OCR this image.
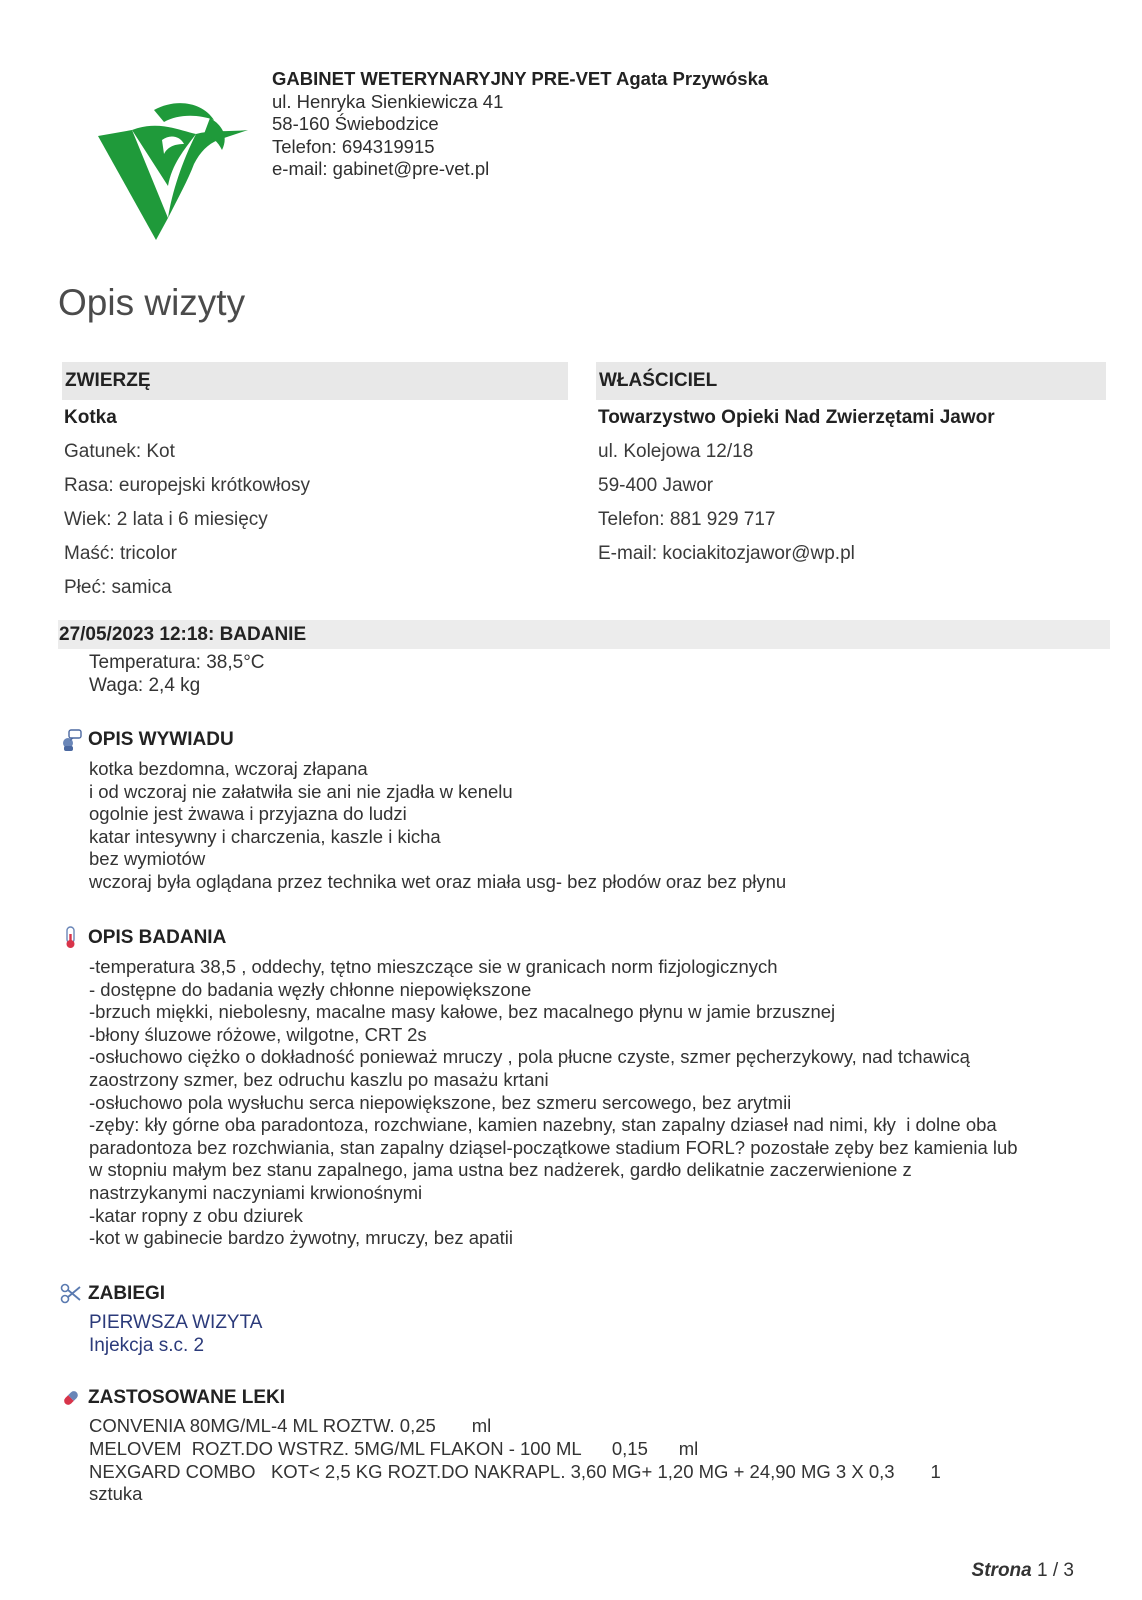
GABINET WETERYNARYJNY PRE-VET Agata Przywóska
ul. Henryka Sienkiewicza 41
58-160 Świebodzice
Telefon: 694319915
e-mail: gabinet@pre-vet.pl
Opis wizyty
ZWIERZĘ
Kotka
Gatunek: Kot
Rasa: europejski krótkowłosy
Wiek: 2 lata i 6 miesięcy
Maść: tricolor
Płeć: samica
WŁAŚCICIEL
Towarzystwo Opieki Nad Zwierzętami Jawor
ul. Kolejowa 12/18
59-400 Jawor
Telefon: 881 929 717
E-mail: kociakitozjawor@wp.pl
27/05/2023 12:18: BADANIE
Temperatura: 38,5°C
Waga: 2,4 kg
OPIS WYWIADU
kotka bezdomna, wczoraj złapana
i od wczoraj nie załatwiła sie ani nie zjadła w kenelu
ogolnie jest żwawa i przyjazna do ludzi
katar intesywny i charczenia, kaszle i kicha
bez wymiotów
wczoraj była oglądana przez technika wet oraz miała usg- bez płodów oraz bez płynu
OPIS BADANIA
-temperatura 38,5 , oddechy, tętno mieszczące sie w granicach norm fizjologicznych
- dostępne do badania węzły chłonne niepowiększone
-brzuch miękki, niebolesny, macalne masy kałowe, bez macalnego płynu w jamie brzusznej
-błony śluzowe różowe, wilgotne, CRT 2s
-osłuchowo ciężko o dokładność ponieważ mruczy , pola płucne czyste, szmer pęcherzykowy, nad tchawicą
zaostrzony szmer, bez odruchu kaszlu po masażu krtani
-osłuchowo pola wysłuchu serca niepowiększone, bez szmeru sercowego, bez arytmii
-zęby: kły górne oba paradontoza, rozchwiane, kamien nazebny, stan zapalny dziaseł nad nimi, kły  i dolne oba
paradontoza bez rozchwiania, stan zapalny dziąsel-początkowe stadium FORL? pozostałe zęby bez kamienia lub
w stopniu małym bez stanu zapalnego, jama ustna bez nadżerek, gardło delikatnie zaczerwienione z
nastrzykanymi naczyniami krwionośnymi
-katar ropny z obu dziurek
-kot w gabinecie bardzo żywotny, mruczy, bez apatii
ZABIEGI
PIERWSZA WIZYTA
Injekcja s.c. 2
ZASTOSOWANE LEKI
CONVENIA 80MG/ML-4 ML ROZTW. 0,25       ml
MELOVEM  ROZT.DO WSTRZ. 5MG/ML FLAKON - 100 ML      0,15      ml
NEXGARD COMBO   KOT< 2,5 KG ROZT.DO NAKRAPL. 3,60 MG+ 1,20 MG + 24,90 MG 3 X 0,3       1
sztuka
Strona 1 / 3
